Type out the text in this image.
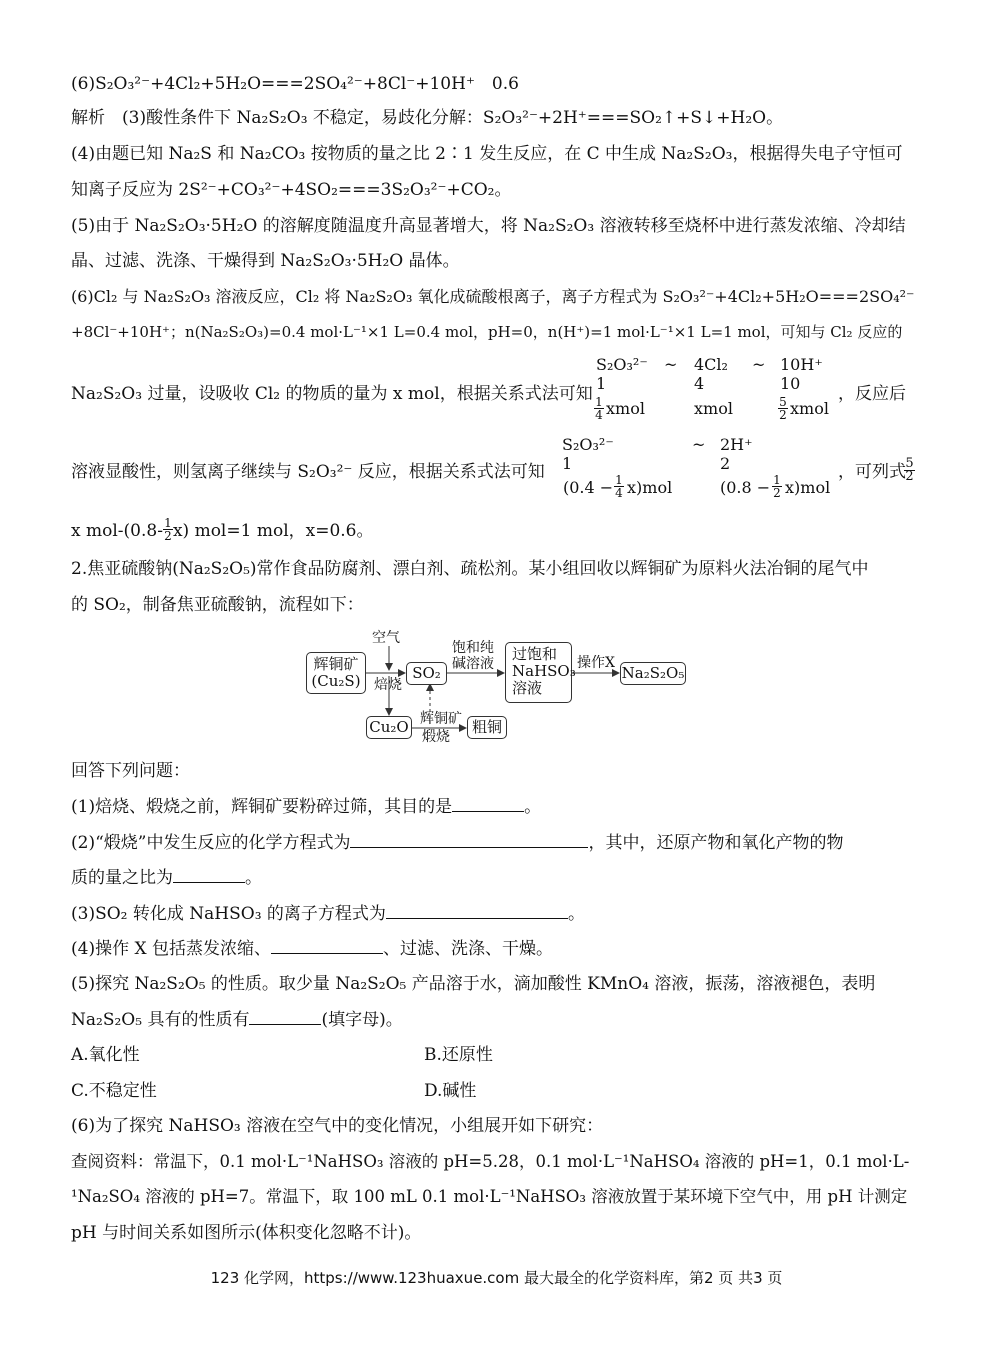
(6)S₂O₃²⁻+4Cl₂+5H₂O===2SO₄²⁻+8Cl⁻+10H⁺　0.6
解析　(3)酸性条件下 Na₂S₂O₃ 不稳定，易歧化分解：S₂O₃²⁻+2H⁺===SO₂↑+S↓+H₂O。
(4)由题已知 Na₂S 和 Na₂CO₃ 按物质的量之比 2∶1 发生反应，在 C 中生成 Na₂S₂O₃，根据得失电子守恒可
知离子反应为 2S²⁻+CO₃²⁻+4SO₂===3S₂O₃²⁻+CO₂。
(5)由于 Na₂S₂O₃·5H₂O 的溶解度随温度升高显著增大，将 Na₂S₂O₃ 溶液转移至烧杯中进行蒸发浓缩、冷却结
晶、过滤、洗涤、干燥得到 Na₂S₂O₃·5H₂O 晶体。
(6)Cl₂ 与 Na₂S₂O₃ 溶液反应，Cl₂ 将 Na₂S₂O₃ 氧化成硫酸根离子，离子方程式为 S₂O₃²⁻+4Cl₂+5H₂O===2SO₄²⁻
+8Cl⁻+10H⁺；n(Na₂S₂O₃)=0.4 mol·L⁻¹×1 L=0.4 mol，pH=0，n(H⁺)=1 mol·L⁻¹×1 L=1 mol，可知与 Cl₂ 反应的
S₂O₃²⁻ ~ 4Cl₂ ~ 10H⁺
1	4	10
$\frac{1}{4}$ xmol	xmol	$\frac{5}{2}$ xmol
Na₂S₂O₃ 过量，设吸收 Cl₂ 的物质的量为 x mol，根据关系式法可知	，反应后
S₂O₃²⁻	~ 2H⁺
1	2
$(0.4 - \frac{1}{4} x)mol$	$(0.8 - \frac{1}{2} x)mol$
溶液显酸性，则氢离子继续与 S₂O₃²⁻ 反应，根据关系式法可知	，可列式
$\frac{5}{2}$
x $mol-(0.8- \frac{1}{2} x)$ mol=1 mol，x=0.6。
2.焦亚硫酸钠(Na₂S₂O₅)常作食品防腐剂、漂白剂、疏松剂。某小组回收以辉铜矿为原料火法冶铜的尾气中
的 SO₂，制备焦亚硫酸钠，流程如下：
辉铜矿
(Cu₂S)
空气
焙烧
SO₂
饱和纯
碱溶液
过饱和
NaHSO₃
溶液
操作X
Na₂S₂O₅
Cu₂O 辉铜矿
煅烧
粗铜
回答下列问题：
(1)焙烧、煅烧之前，辉铜矿要粉碎过筛，其目的是	。
(2)“煅烧”中发生反应的化学方程式为	，其中，还原产物和氧化产物的物
质的量之比为	。
(3)SO₂ 转化成 NaHSO₃ 的离子方程式为	。
(4)操作 X 包括蒸发浓缩、	、过滤、洗涤、干燥。
(5)探究 Na₂S₂O₅ 的性质。取少量 Na₂S₂O₅ 产品溶于水，滴加酸性 KMnO₄ 溶液，振荡，溶液褪色，表明
Na₂S₂O₅ 具有的性质有	(填字母)。
A.氧化性	B.还原性
C.不稳定性	D.碱性
(6)为了探究 NaHSO₃ 溶液在空气中的变化情况，小组展开如下研究：
查阅资料：常温下，0.1 mol·L⁻¹NaHSO₃ 溶液的 pH=5.28，0.1 mol·L⁻¹NaHSO₄ 溶液的 pH=1，0.1 mol·L-
¹Na₂SO₄ 溶液的 pH=7。常温下，取 100 mL 0.1 mol·L⁻¹NaHSO₃ 溶液放置于某环境下空气中，用 pH 计测定
pH 与时间关系如图所示(体积变化忽略不计)。
123 化学网，https://www.123huaxue.com 最大最全的化学资料库，第2 页 共3 页
